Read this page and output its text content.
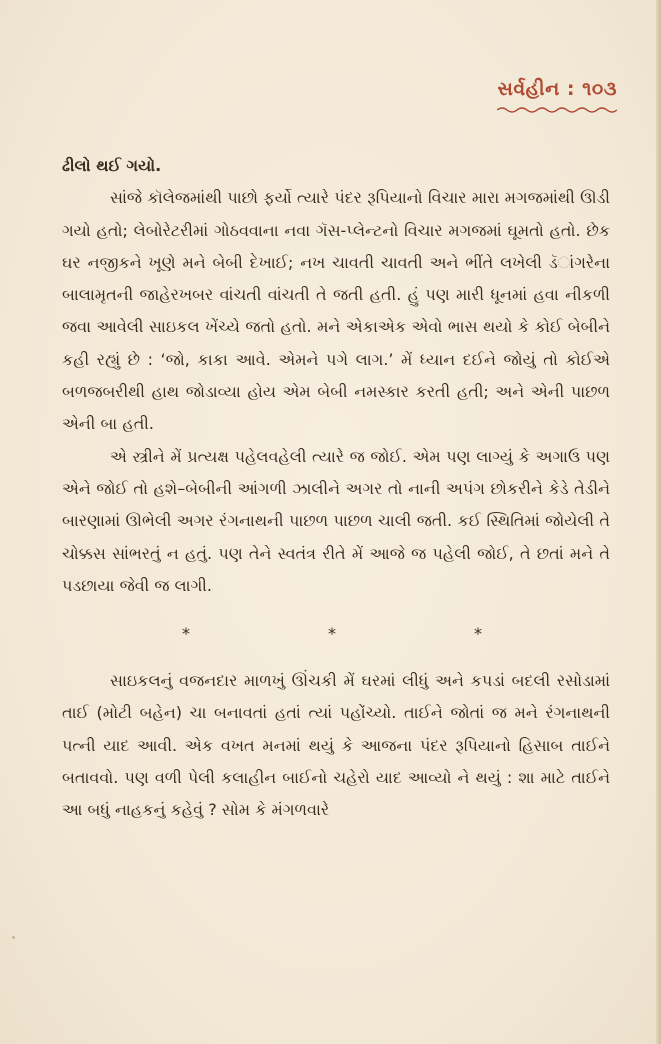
સર્વહીન : ૧૦૩

ઢીલો થઈ ગયો.

સાંજે કૉલેજમાંથી પાછો ફર્યો ત્યારે પંદર રૂપિયાનો વિચાર મારા મગજમાંથી ઊડી ગયો હતો; લેબોરેટરીમાં ગોઠવવાના નવા ગૅસ-પ્લેન્ટનો વિચાર મગજમાં ઘૂમતો હતો. છેક ઘર નજીકને ખૂણે મને બેબી દેખાઈ; નખ ચાવતી ચાવતી અને ભીંતે લખેલી ડૅાંગરેના બાલામૃતની જાહેરખબર વાંચતી વાંચતી તે જતી હતી. હું પણ મારી ધૂનમાં હવા નીકળી જવા આવેલી સાઇકલ ખેંચ્યે જતો હતો. મને એકાએક એવો ભાસ થયો કે કોઈ બેબીને કહી રહ્યું છે : ‘જો, કાકા આવે. એમને પગે લાગ.’ મેં ધ્યાન દઈને જોયું તો કોઈએ બળજબરીથી હાથ જોડાવ્યા હોય એમ બેબી નમસ્કાર કરતી હતી; અને એની પાછળ એની બા હતી.

એ સ્ત્રીને મેં પ્રત્યક્ષ પહેલવહેલી ત્યારે જ જોઈ. એમ પણ લાગ્યું કે અગાઉ પણ એને જોઈ તો હશે–બેબીની આંગળી ઝાલીને અગર તો નાની અપંગ છોકરીને કેડે તેડીને બારણામાં ઊભેલી અગર રંગનાથની પાછળ પાછળ ચાલી જતી. કઈ સ્થિતિમાં જોયેલી તે ચોક્કસ સાંભરતું ન હતું. પણ તેને સ્વતંત્ર રીતે મેં આજે જ પહેલી જોઈ, તે છતાં મને તે પડછાયા જેવી જ લાગી.

*	*	*

સાઇકલનું વજનદાર માળખું ઊંચકી મેં ઘરમાં લીધું અને કપડાં બદલી રસોડામાં તાઈ (મોટી બહેન) ચા બનાવતાં હતાં ત્યાં પહોંચ્યો. તાઈને જોતાં જ મને રંગનાથની પત્ની યાદ આવી. એક વખત મનમાં થયું કે આજના પંદર રૂપિયાનો હિસાબ તાઈને બતાવવો. પણ વળી પેલી કલાહીન બાઈનો ચહેરો યાદ આવ્યો ને થયું : શા માટે તાઈને આ બધું નાહકનું કહેવું ? સોમ કે મંગળવારે
